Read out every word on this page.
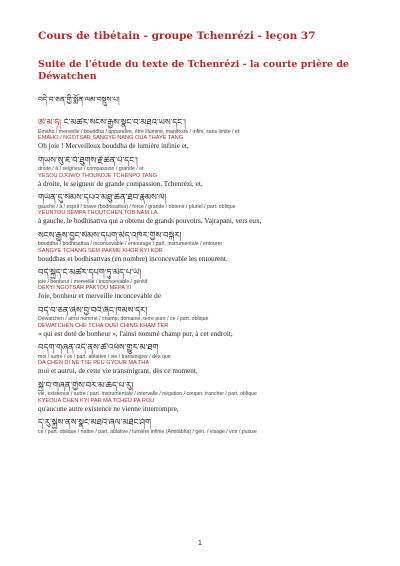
Cours de tibétain - groupe Tchenrézi - leçon 37
Suite de l'étude du texte de Tchenrézi - la courte prière de Déwatchen
བདེ་བ་ཅན་གྱི་སྨོན་ལམ་བསྡུས་པ།
ཨེ་མ་ཧོ། ངོ་མཚར་སངས་རྒྱས་སྣང་བ་མཐའ་ཡས་དང་།
Emaho / merveille / bouddha / apparaître, être illuminé, manifeste / infini, sans limite / et
EMAHO / NGOTSAR SANGYÉ NANG OUA THAYÉ TANG
Oh joie ! Merveilleux bouddha de lumière infinie et,
གཡས་སུ་ཇོ་བོ་ཐུགས་རྗེ་ཆེན་པོ་དང་།
droite / à / seigneur / compassion / grande / et
YÉSOU DJOWO THOUKDJÉ TCHÈNPO TANG
à droite, le seigneur de grande compassion, Tchenrézi, et,
གཡོན་དུ་སེམས་དཔའ་མཐུ་ཆེན་ཐོབ་རྣམས་ལ།
gauche / à / esprit / brave (bodhisattva) / force / grande / obtenir / pluriel / part. oblique
YEUNTOU SÉMPA THOUTCHÈN TOB NAM LA
à gauche, le bodhisattva qui a obtenu de grands pouvoirs, Vajrapani, vers eux,
སངས་རྒྱས་བྱང་སེམས་དཔག་མེད་འཁོར་གྱིས་བསྐོར།
bouddha / bodhisattva / inconcevable / entourage / part. instrumentale / entourer
SANGYÉ TCHANG SÈM PAKMÈ KHOR KYI KOR
bouddhas et bodhisattvas (en nombre) inconcevable les entourent.
བདེ་སྐྱིད་ངོ་མཚར་དཔག་ཏུ་མེད་པ་ཡི།
joie / bonheur / merveille / inconcevable / génitif
DÉKYI NGOTSAR PAKTOU MÉPA YI
Joie, bonheur et merveille inconcevable de
བདེ་བ་ཅན་ཞེས་བྱ་བའི་ཞིང་ཁམས་དེར།
Déwatchen / ainsi nommé / champ, domaine, terre pure / ce / part. oblique
DÉWATCHEN CHÉ TCHA OUÉÏ CHING KHAM TÈR
« qui est doté de bonheur », l'ainsi nommé champ pur, à cet endroit,
བདག་གཞན་འདི་ནས་ཚེ་འཕོས་གྱུར་མ་ཐག
moi / autre / ce / part. ablative / vie / transmigrer / dès que
DA CHÈN DI NÉ TSÉ PEU GYOUR MA THA
moi et autrui, de cette vie transmigrant, dès ce moment,
སྐྱེ་བ་གཞན་གྱིས་བར་མ་ཆོད་པ་རུ།
vie, existence / autre / part. instrumentale / intervalle / négation / couper, trancher / part. oblique
KYÉOUA CHÈN KYI PAR MA TCHEU PA ROU
qu'aucune autre existence ne vienne interrompre,
དེ་རུ་སྐྱེས་ནས་སྣང་མཐའི་ཞལ་མཐོང་ཤོག
ce / part. oblique / naître / part. ablative / lumière infinie (Amitâbha) / gén. / visage / voir / puisse
1
